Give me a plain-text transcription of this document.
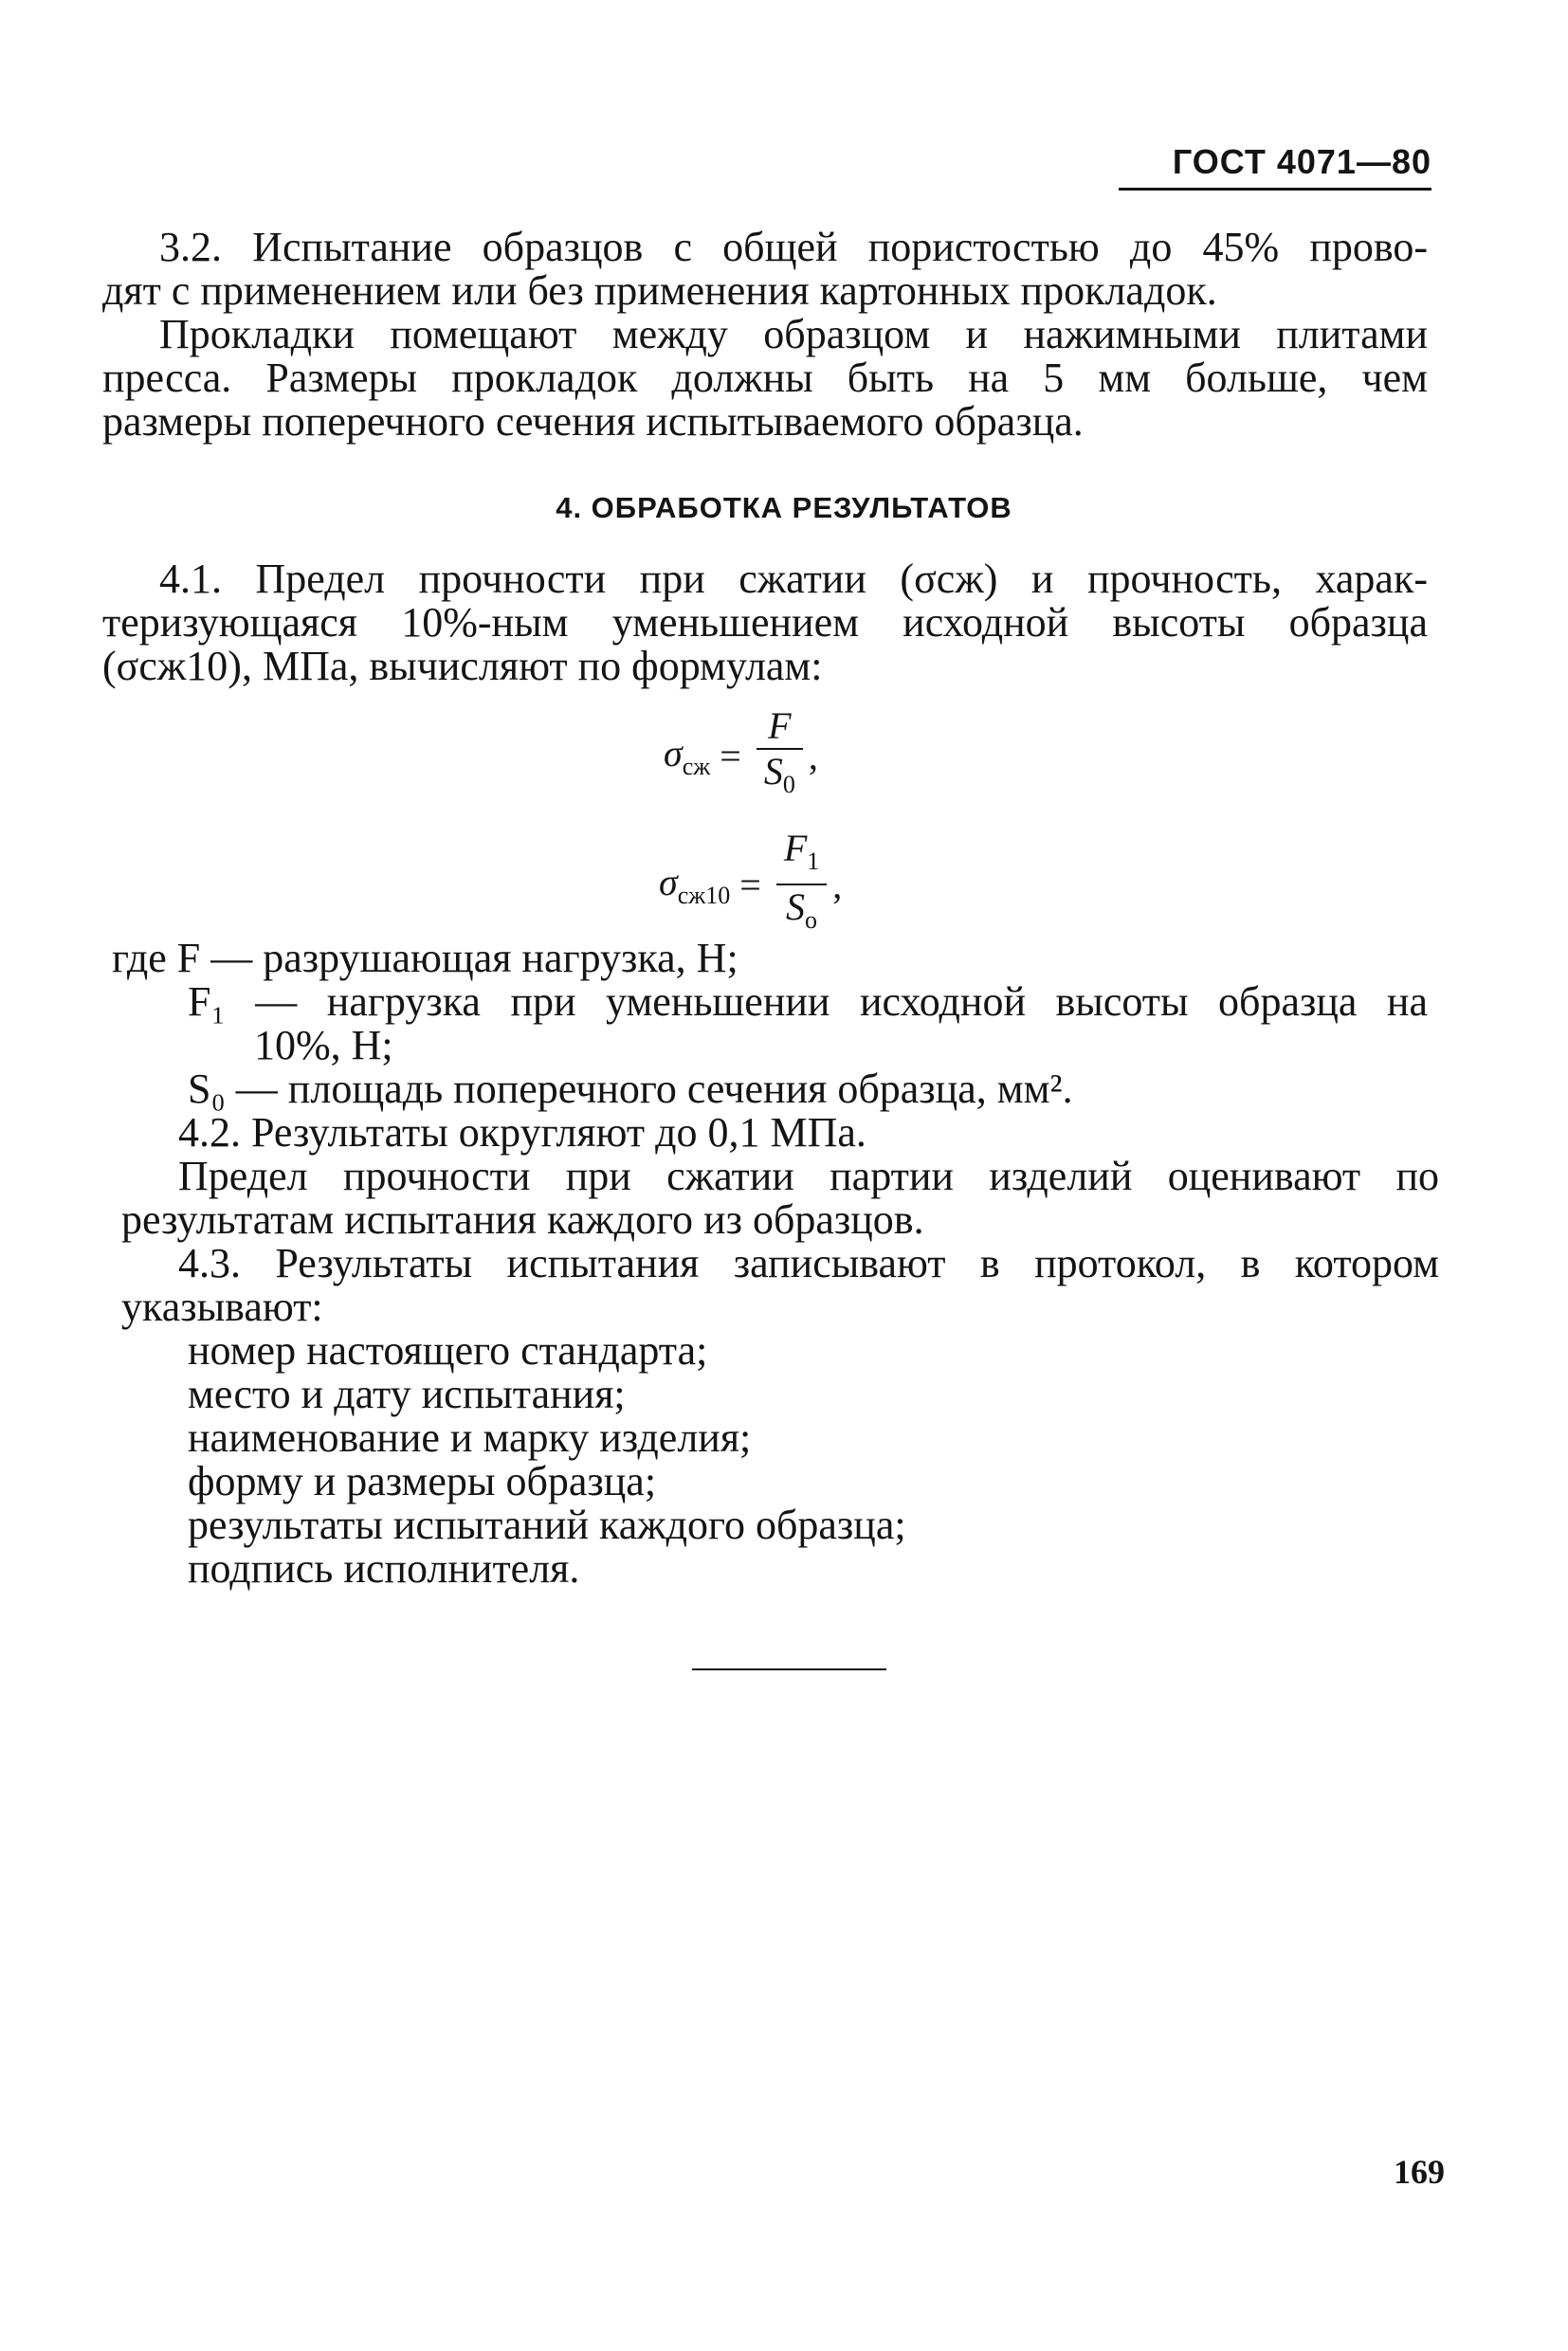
ГОСТ 4071—80
3.2. Испытание образцов с общей пористостью до 45% прово-
дят с применением или без применения картонных прокладок.
Прокладки помещают между образцом и нажимными плитами
пресса. Размеры прокладок должны быть на 5 мм больше, чем
размеры поперечного сечения испытываемого образца.
4. ОБРАБОТКА РЕЗУЛЬТАТОВ
4.1. Предел прочности при сжатии (σсж) и прочность, харак-
теризующаяся 10%-ным уменьшением исходной высоты образца
(σсж10), МПа, вычисляют по формулам:
$\sigma_{сж} = \frac{F}{S_0}$ ,
$\sigma_{сж10} = \frac{F_1}{S_o}$ ,
где F — разрушающая нагрузка, Н;
F₁ — нагрузка при уменьшении исходной высоты образца на
10%, Н;
S₀ — площадь поперечного сечения образца, мм².
4.2. Результаты округляют до 0,1 МПа.
Предел прочности при сжатии партии изделий оценивают по
результатам испытания каждого из образцов.
4.3. Результаты испытания записывают в протокол, в котором
указывают:
номер настоящего стандарта;
место и дату испытания;
наименование и марку изделия;
форму и размеры образца;
результаты испытаний каждого образца;
подпись исполнителя.
169
